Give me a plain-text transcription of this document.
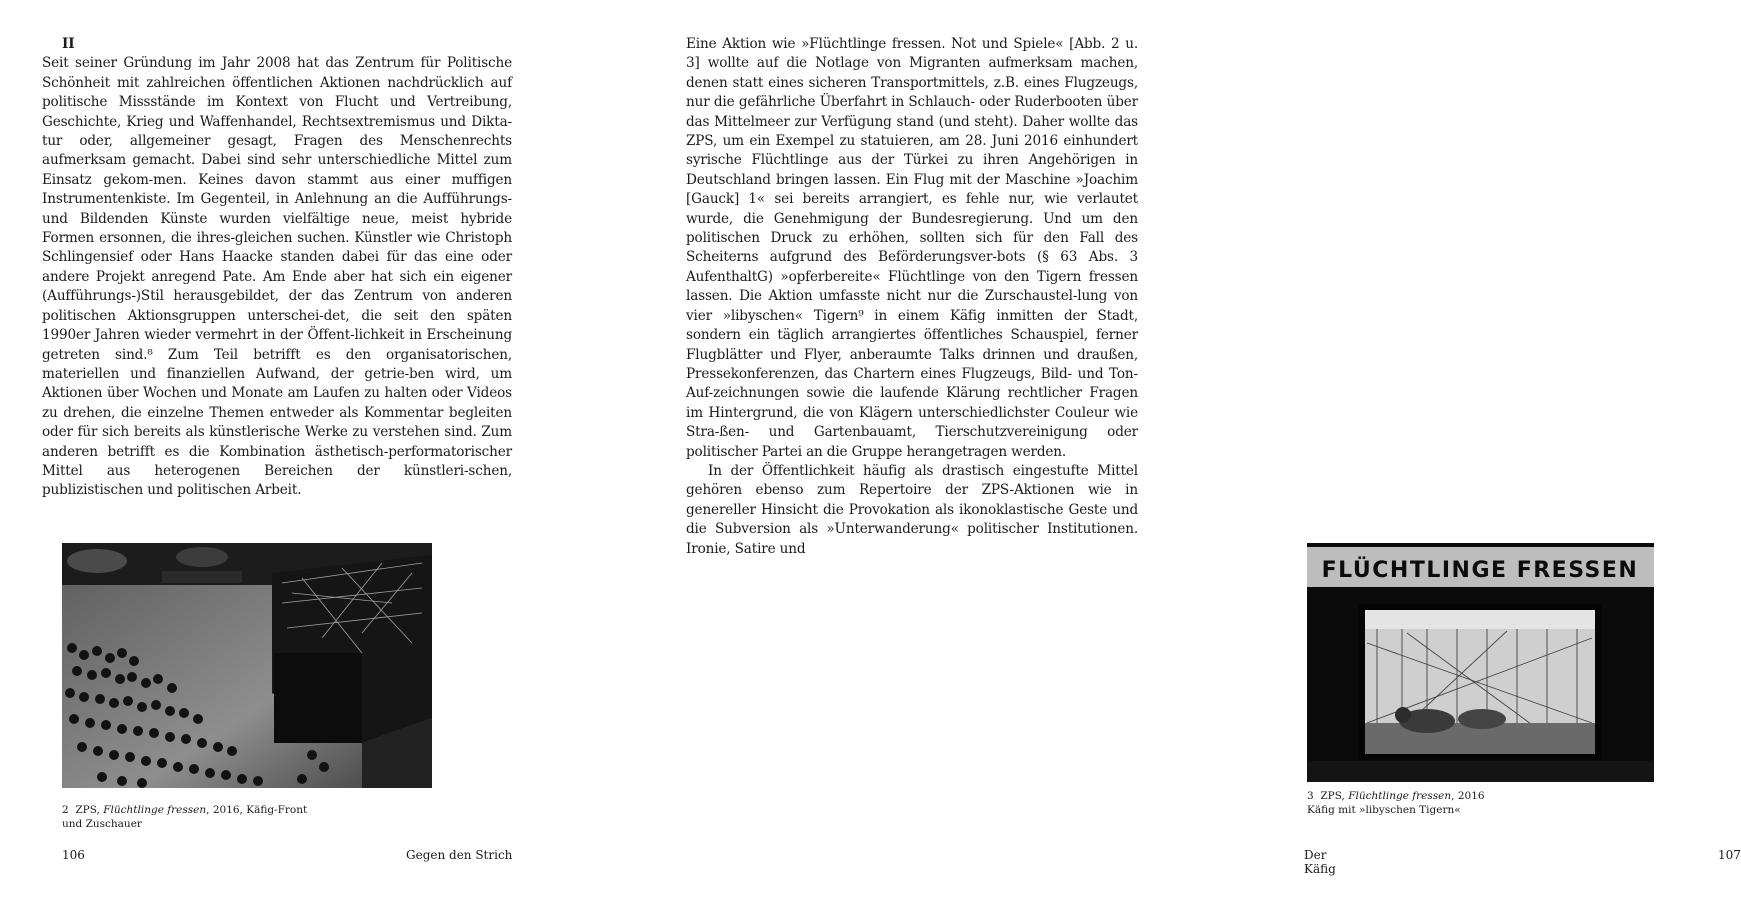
II

Seit seiner Gründung im Jahr 2008 hat das Zentrum für Politische Schönheit mit zahlreichen öffentlichen Aktionen nachdrücklich auf politische Missstände im Kontext von Flucht und Vertreibung, Geschichte, Krieg und Waffenhandel, Rechtsextremismus und Dikta-tur oder, allgemeiner gesagt, Fragen des Menschenrechts aufmerksam gemacht. Dabei sind sehr unterschiedliche Mittel zum Einsatz gekom-men. Keines davon stammt aus einer muffigen Instrumentenkiste. Im Gegenteil, in Anlehnung an die Aufführungs- und Bildenden Künste wurden vielfältige neue, meist hybride Formen ersonnen, die ihres-gleichen suchen. Künstler wie Christoph Schlingensief oder Hans Haacke standen dabei für das eine oder andere Projekt anregend Pate. Am Ende aber hat sich ein eigener (Aufführungs-)Stil herausgebildet, der das Zentrum von anderen politischen Aktionsgruppen unterschei-det, die seit den späten 1990er Jahren wieder vermehrt in der Öffent-lichkeit in Erscheinung getreten sind.⁸ Zum Teil betrifft es den organisatorischen, materiellen und finanziellen Aufwand, der getrie-ben wird, um Aktionen über Wochen und Monate am Laufen zu halten oder Videos zu drehen, die einzelne Themen entweder als Kommentar begleiten oder für sich bereits als künstlerische Werke zu verstehen sind. Zum anderen betrifft es die Kombination ästhetisch-performatorischer Mittel aus heterogenen Bereichen der künstleri-schen, publizistischen und politischen Arbeit.

2 ZPS, Flüchtlinge fressen, 2016, Käfig-Front
und Zuschauer
106	Gegen den Strich

Eine Aktion wie »Flüchtlinge fressen. Not und Spiele« [Abb. 2 u. 3] wollte auf die Notlage von Migranten aufmerksam machen, denen statt eines sicheren Transportmittels, z.B. eines Flugzeugs, nur die gefährliche Überfahrt in Schlauch- oder Ruderbooten über das Mittelmeer zur Verfügung stand (und steht). Daher wollte das ZPS, um ein Exempel zu statuieren, am 28. Juni 2016 einhundert syrische Flüchtlinge aus der Türkei zu ihren Angehörigen in Deutschland bringen lassen. Ein Flug mit der Maschine »Joachim [Gauck] 1« sei bereits arrangiert, es fehle nur, wie verlautet wurde, die Genehmigung der Bundesregierung. Und um den politischen Druck zu erhöhen, sollten sich für den Fall des Scheiterns aufgrund des Beförderungsver-bots (§ 63 Abs. 3 AufenthaltG) »opferbereite« Flüchtlinge von den Tigern fressen lassen. Die Aktion umfasste nicht nur die Zurschaustel-lung von vier »libyschen« Tigern⁹ in einem Käfig inmitten der Stadt, sondern ein täglich arrangiertes öffentliches Schauspiel, ferner Flugblätter und Flyer, anberaumte Talks drinnen und draußen, Pressekonferenzen, das Chartern eines Flugzeugs, Bild- und Ton-Auf-zeichnungen sowie die laufende Klärung rechtlicher Fragen im Hintergrund, die von Klägern unterschiedlichster Couleur wie Stra-ßen- und Gartenbauamt, Tierschutzvereinigung oder politischer Partei an die Gruppe herangetragen werden.

In der Öffentlichkeit häufig als drastisch eingestufte Mittel gehören ebenso zum Repertoire der ZPS-Aktionen wie in genereller Hinsicht die Provokation als ikonoklastische Geste und die Subversion als »Unterwanderung« politischer Institutionen. Ironie, Satire und

FLÜCHTLINGE FRESSEN
3 ZPS, Flüchtlinge fressen, 2016
Käfig mit »libyschen Tigern«
Der Käfig
107
